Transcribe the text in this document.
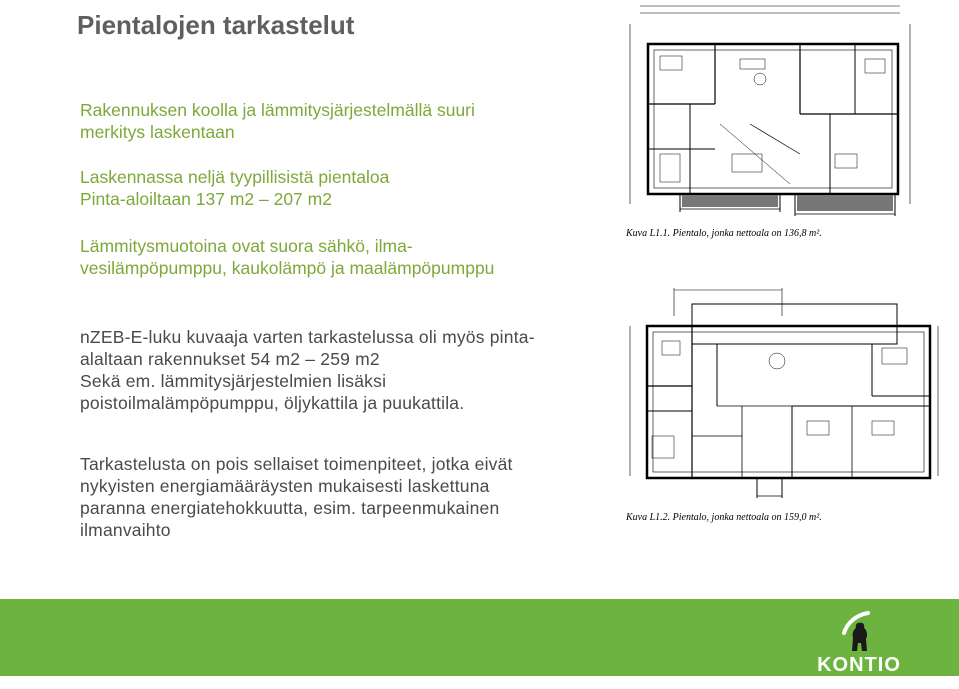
Pientalojen tarkastelut
Rakennuksen koolla ja lämmitysjärjestelmällä suuri
merkitys laskentaan
Laskennassa neljä tyypillisistä pientaloa
Pinta-aloiltaan 137 m2 – 207 m2
Lämmitysmuotoina ovat suora sähkö, ilma-
vesilämpöpumppu, kaukolämpö ja maalämpöpumppu
nZEB-E-luku kuvaaja varten tarkastelussa oli myös pinta-
alaltaan rakennukset 54 m2 – 259 m2
Sekä em. lämmitysjärjestelmien lisäksi
poistoilmalämpöpumppu, öljykattila ja puukattila.
Tarkastelusta on pois sellaiset toimenpiteet, jotka eivät
nykyisten energiamääräysten mukaisesti laskettuna
paranna energiatehokkuutta, esim. tarpeenmukainen
ilmanvaihto
Kuva L1.1. Pientalo, jonka nettoala on 136,8 m².
Kuva L1.2. Pientalo, jonka nettoala on 159,0 m².
KONTIO
HIRSITALOT JA -HUVILAT
